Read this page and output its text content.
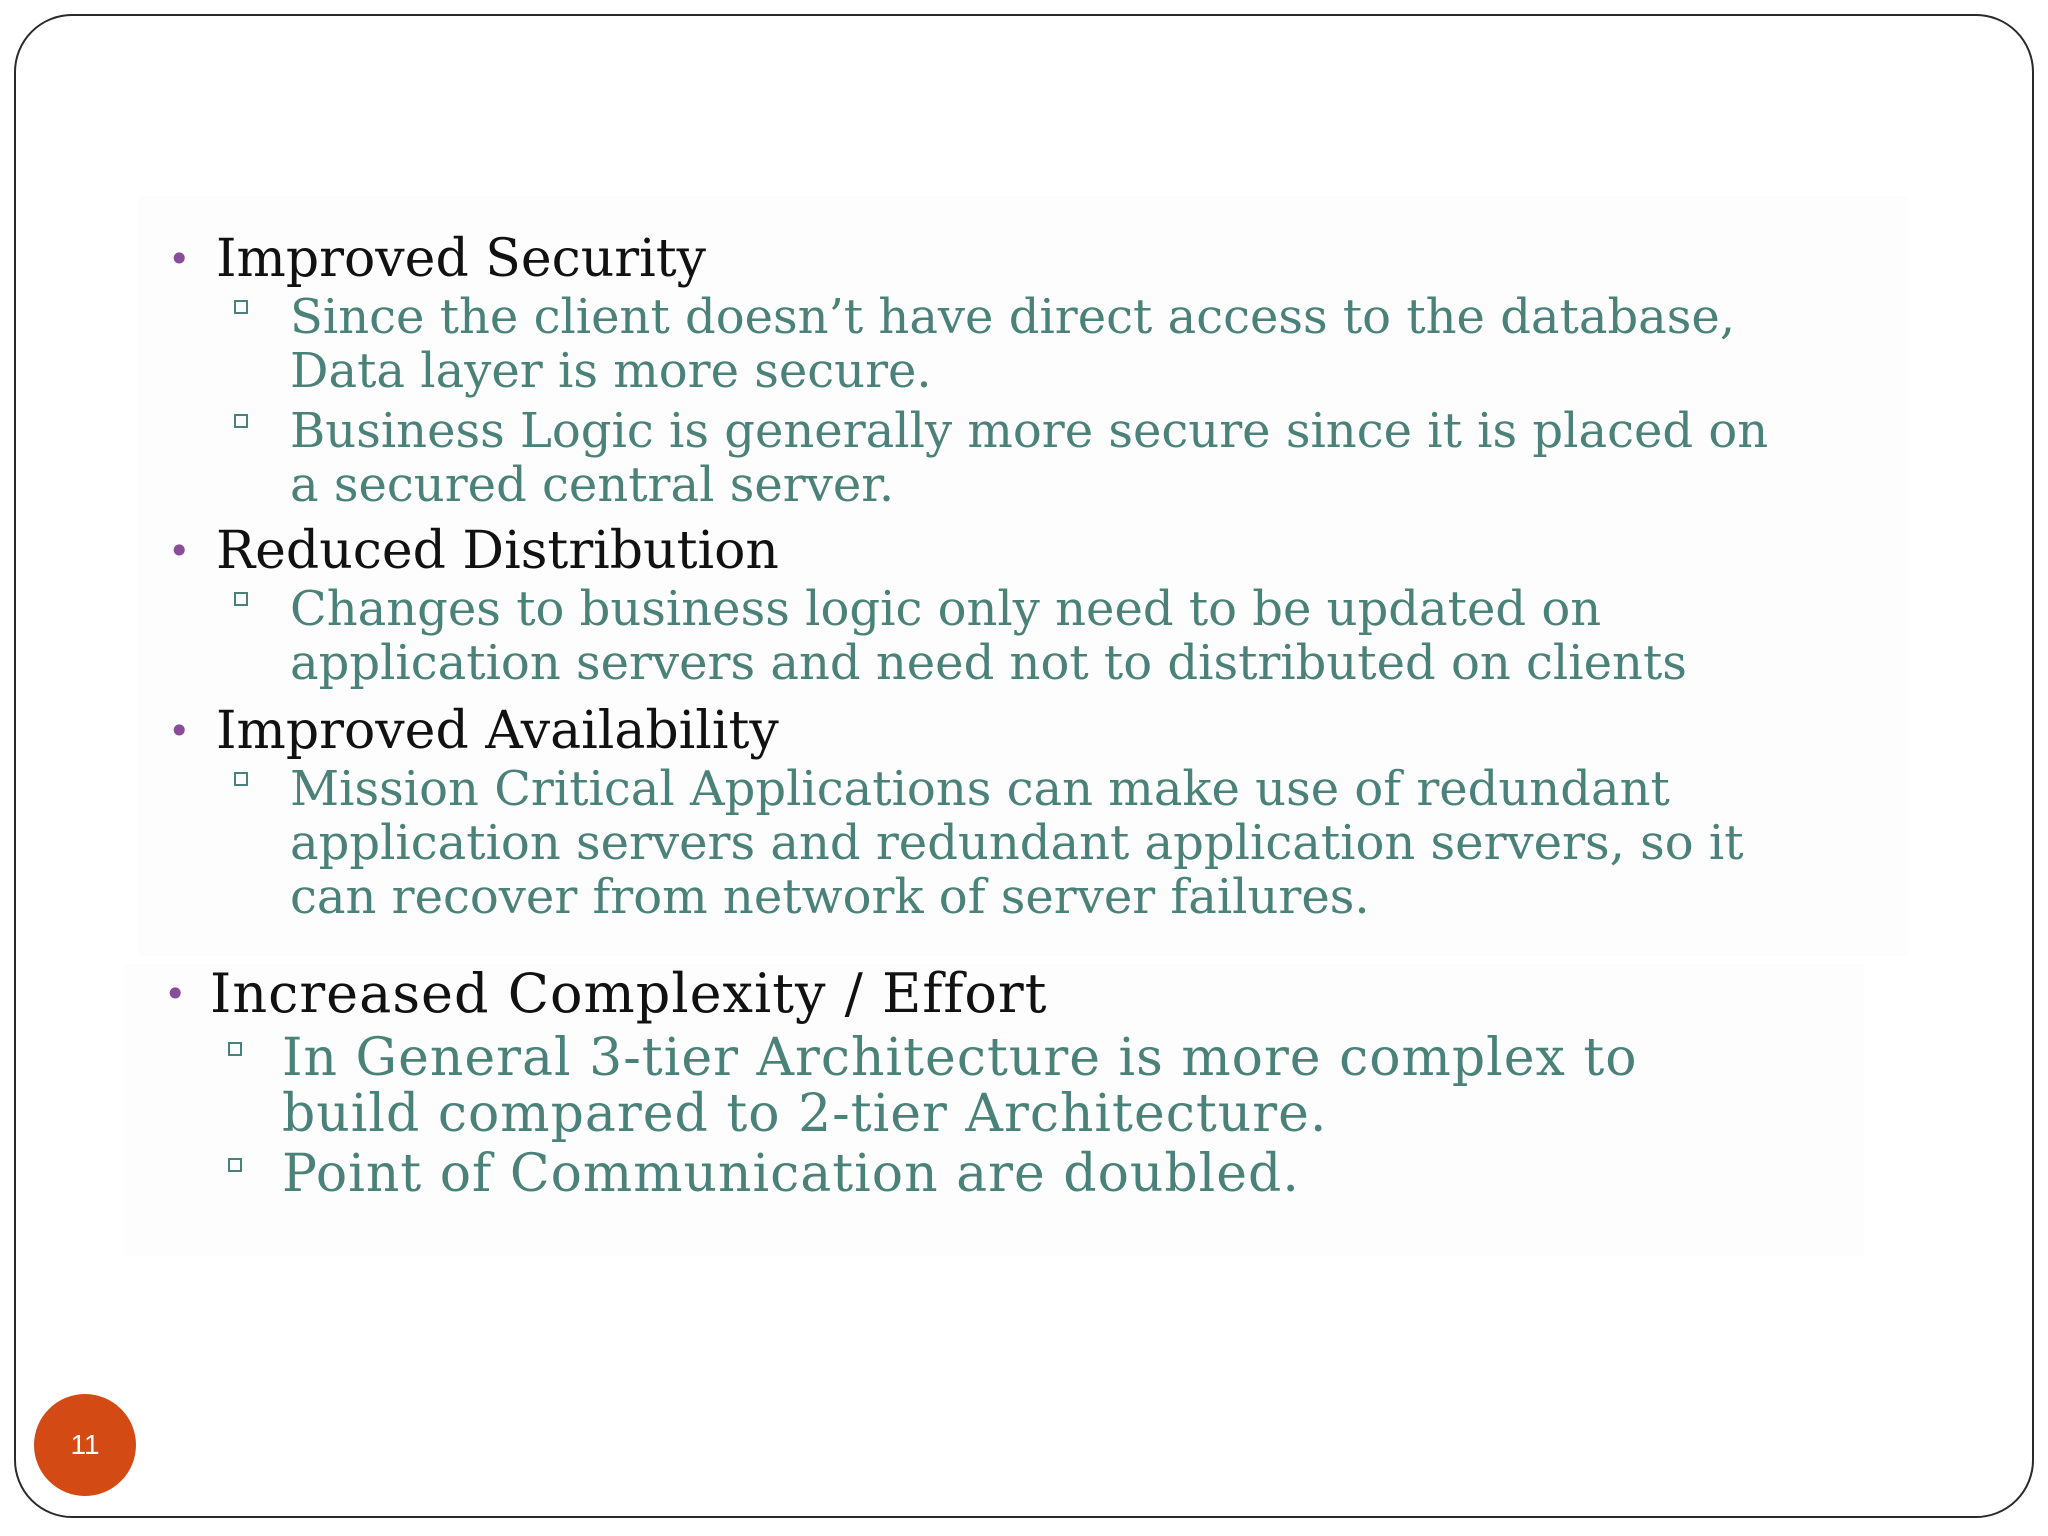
• Improved Security
Since the client doesn’t have direct access to the database,
Data layer is more secure.
Business Logic is generally more secure since it is placed on
a secured central server.
• Reduced Distribution
Changes to business logic only need to be updated on
application servers and need not to distributed on clients
• Improved Availability
Mission Critical Applications can make use of redundant
application servers and redundant application servers, so it
can recover from network of server failures.
• Increased Complexity / Effort
In General 3-tier Architecture is more complex to
build compared to 2-tier Architecture.
Point of Communication are doubled.
11
